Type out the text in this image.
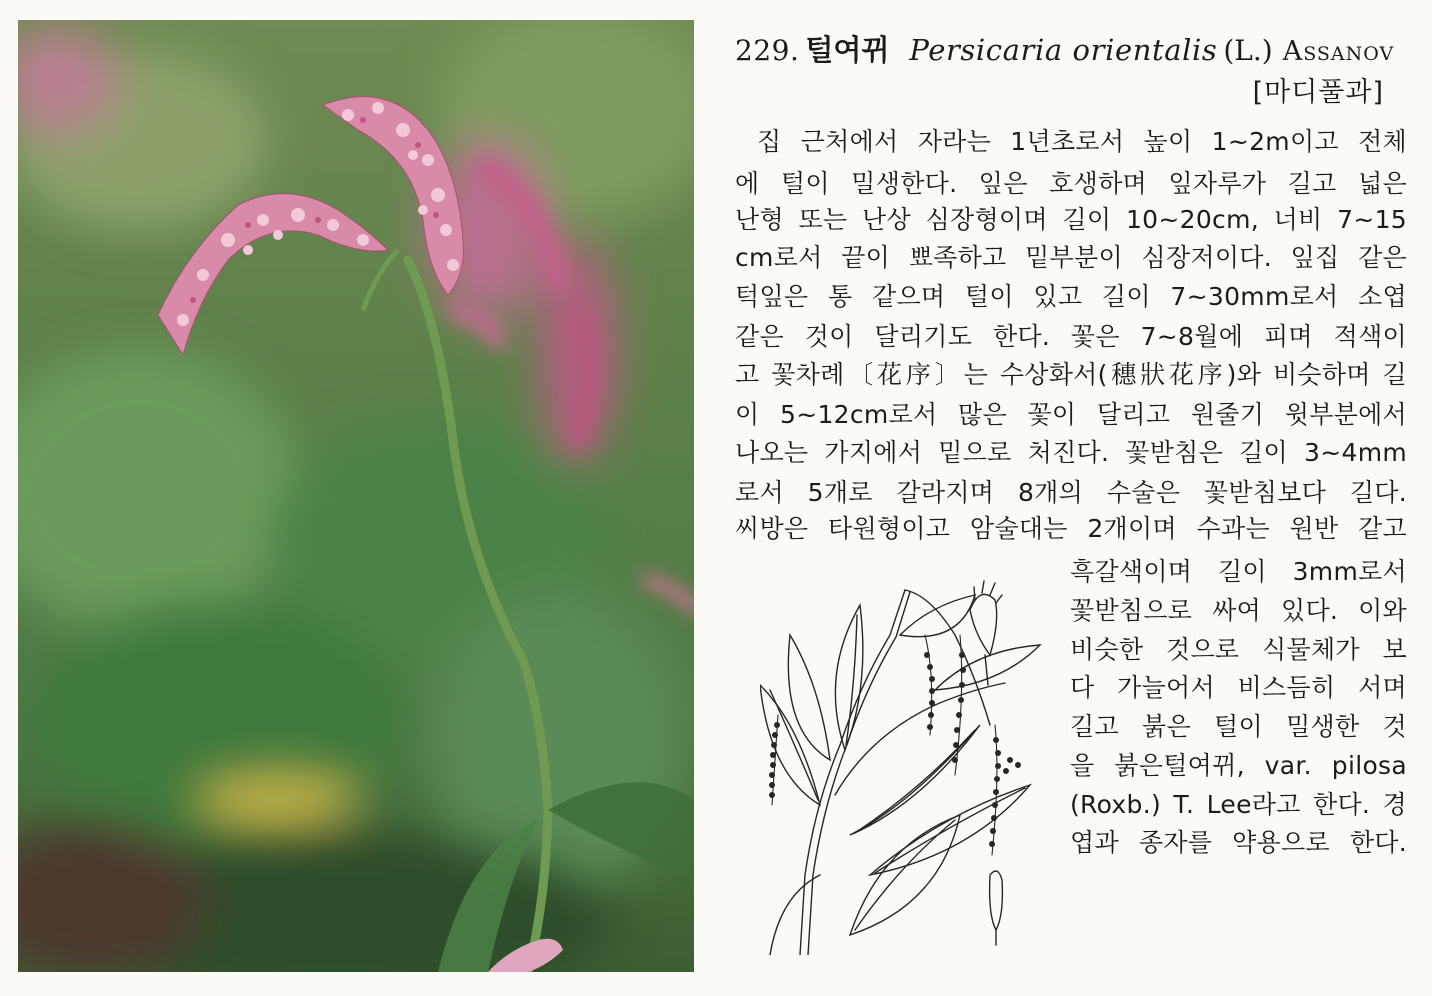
229. 털여뀌 Persicaria orientalis (L.) Assanov
[마디풀과]
집 근처에서 자라는 1년초로서 높이 1~2m이고 전체
에 털이 밀생한다. 잎은 호생하며 잎자루가 길고 넓은
난형 또는 난상 심장형이며 길이 10~20cm, 너비 7~15
cm로서 끝이 뾰족하고 밑부분이 심장저이다. 잎집 같은
턱잎은 통 같으며 털이 있고 길이 7~30mm로서 소엽
같은 것이 달리기도 한다. 꽃은 7~8월에 피며 적색이
고 꽃차례〔花序〕는 수상화서(穗狀花序)와 비슷하며 길
이 5~12cm로서 많은 꽃이 달리고 원줄기 윗부분에서
나오는 가지에서 밑으로 처진다. 꽃받침은 길이 3~4mm
로서 5개로 갈라지며 8개의 수술은 꽃받침보다 길다.
씨방은 타원형이고 암술대는 2개이며 수과는 원반 같고
흑갈색이며 길이 3mm로서
꽃받침으로 싸여 있다. 이와
비슷한 것으로 식물체가 보
다 가늘어서 비스듬히 서며
길고 붉은 털이 밀생한 것
을 붉은털여뀌, var. pilosa
(Roxb.) T. Lee라고 한다. 경
엽과 종자를 약용으로 한다.
